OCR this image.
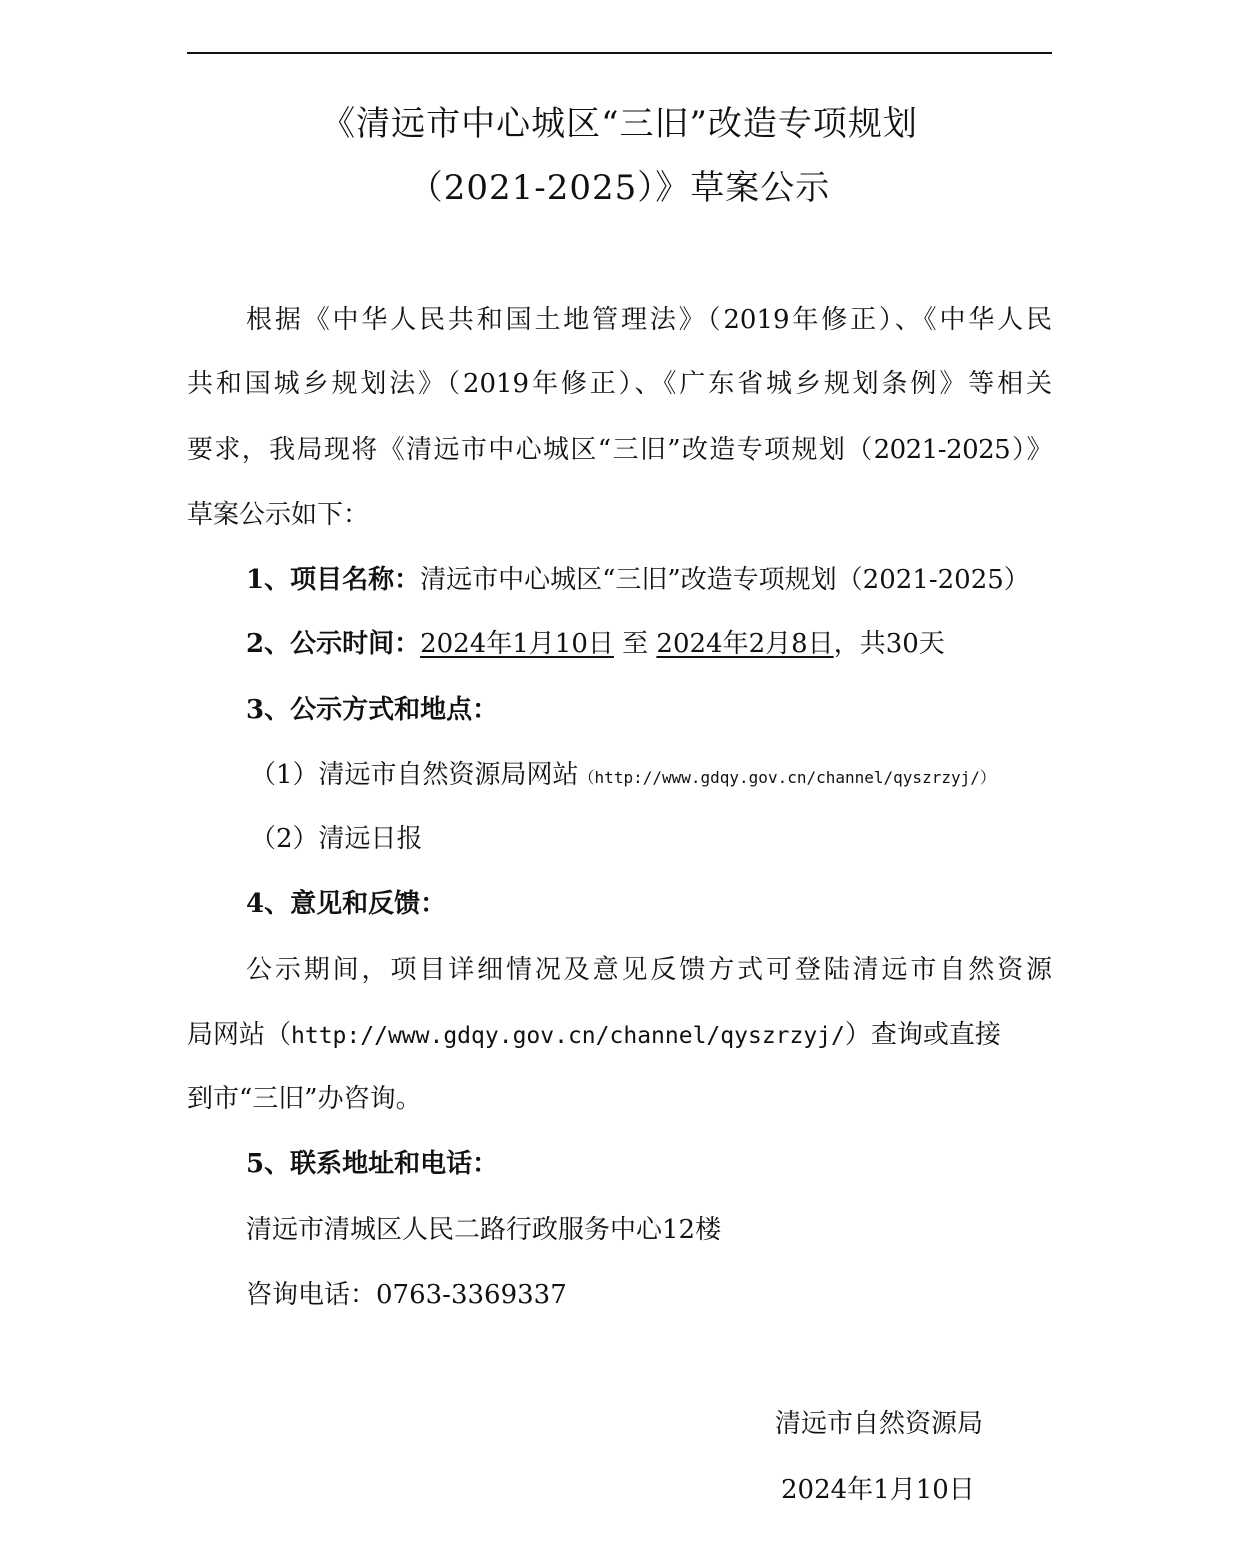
《清远市中心城区“三旧”改造专项规划
（2021-2025）》草案公示
根据《中华人民共和国土地管理法》（2019年修正）、《中华人民
共和国城乡规划法》（2019年修正）、《广东省城乡规划条例》等相关
要求，我局现将《清远市中心城区“三旧”改造专项规划（2021-2025）》
草案公示如下：
1、项目名称：清远市中心城区“三旧”改造专项规划（2021-2025）
2、公示时间：2024年1月10日 至 2024年2月8日，共30天
3、公示方式和地点：
（1）清远市自然资源局网站（http://www.gdqy.gov.cn/channel/qyszrzyj/）
（2）清远日报
4、意见和反馈：
公示期间，项目详细情况及意见反馈方式可登陆清远市自然资源
局网站（http://www.gdqy.gov.cn/channel/qyszrzyj/）查询或直接
到市“三旧”办咨询。
5、联系地址和电话：
清远市清城区人民二路行政服务中心12楼
咨询电话：0763-3369337
清远市自然资源局
2024年1月10日
